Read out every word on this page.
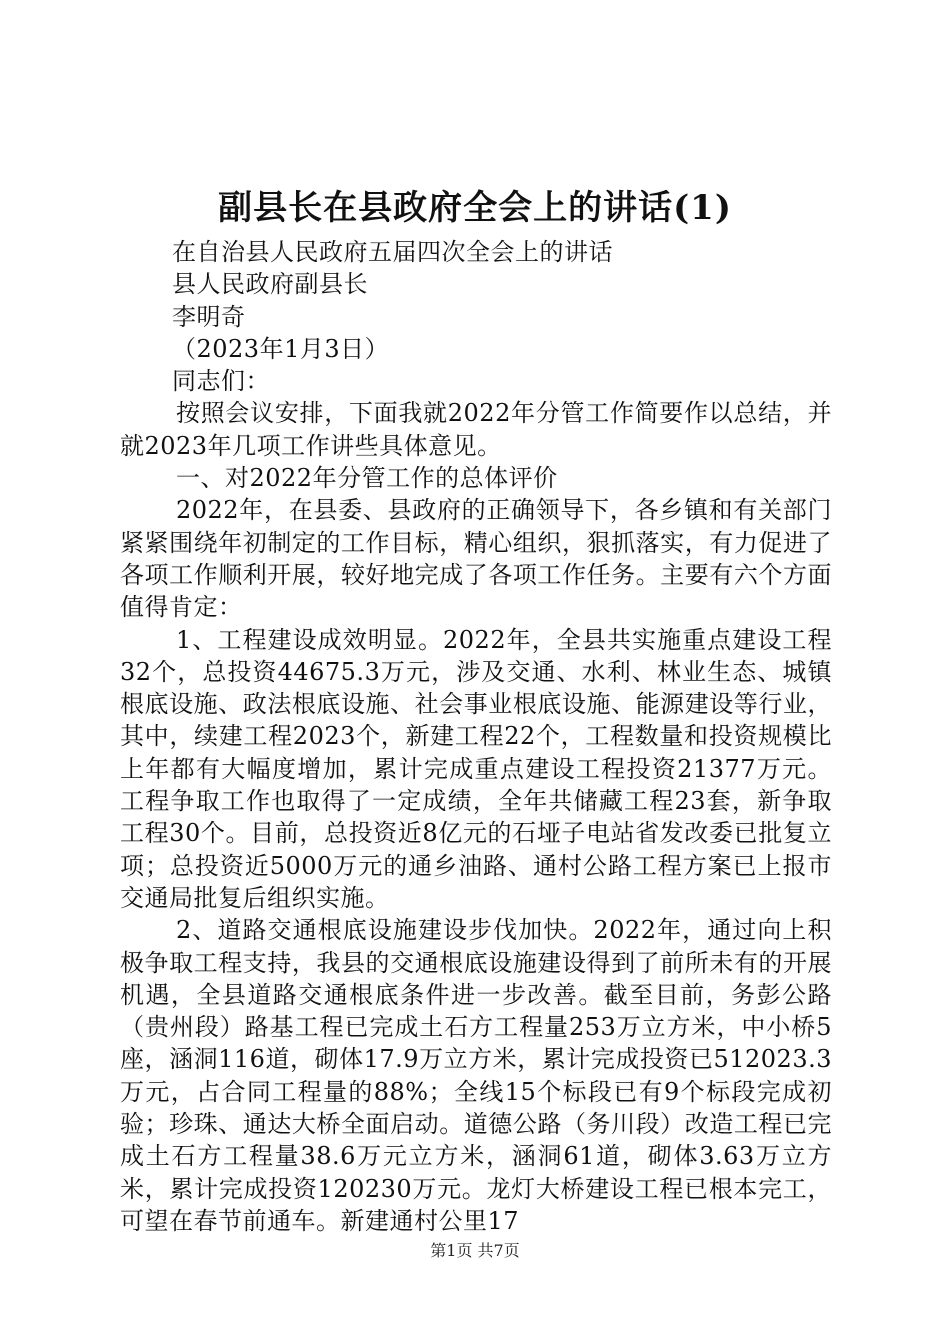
副县长在县政府全会上的讲话(1)

在自治县人民政府五届四次全会上的讲话

县人民政府副县长

李明奇

（2023年1月3日）

同志们：

按照会议安排，下面我就2022年分管工作简要作以总结，并就2023年几项工作讲些具体意见。

一、对2022年分管工作的总体评价

2022年，在县委、县政府的正确领导下，各乡镇和有关部门紧紧围绕年初制定的工作目标，精心组织，狠抓落实，有力促进了各项工作顺利开展，较好地完成了各项工作任务。主要有六个方面值得肯定：

1、工程建设成效明显。2022年，全县共实施重点建设工程32个，总投资44675.3万元，涉及交通、水利、林业生态、城镇根底设施、政法根底设施、社会事业根底设施、能源建设等行业，其中，续建工程2023个，新建工程22个，工程数量和投资规模比上年都有大幅度增加，累计完成重点建设工程投资21377万元。工程争取工作也取得了一定成绩，全年共储藏工程23套，新争取工程30个。目前，总投资近8亿元的石垭子电站省发改委已批复立项；总投资近5000万元的通乡油路、通村公路工程方案已上报市交通局批复后组织实施。

2、道路交通根底设施建设步伐加快。2022年，通过向上积极争取工程支持，我县的交通根底设施建设得到了前所未有的开展机遇，全县道路交通根底条件进一步改善。截至目前，务彭公路（贵州段）路基工程已完成土石方工程量253万立方米，中小桥5座，涵洞116道，砌体17.9万立方米，累计完成投资已512023.3万元，占合同工程量的88%；全线15个标段已有9个标段完成初验；珍珠、通达大桥全面启动。道德公路（务川段）改造工程已完成土石方工程量38.6万元立方米，涵洞61道，砌体3.63万立方米，累计完成投资120230万元。龙灯大桥建设工程已根本完工，可望在春节前通车。新建通村公里17

第1页 共7页
